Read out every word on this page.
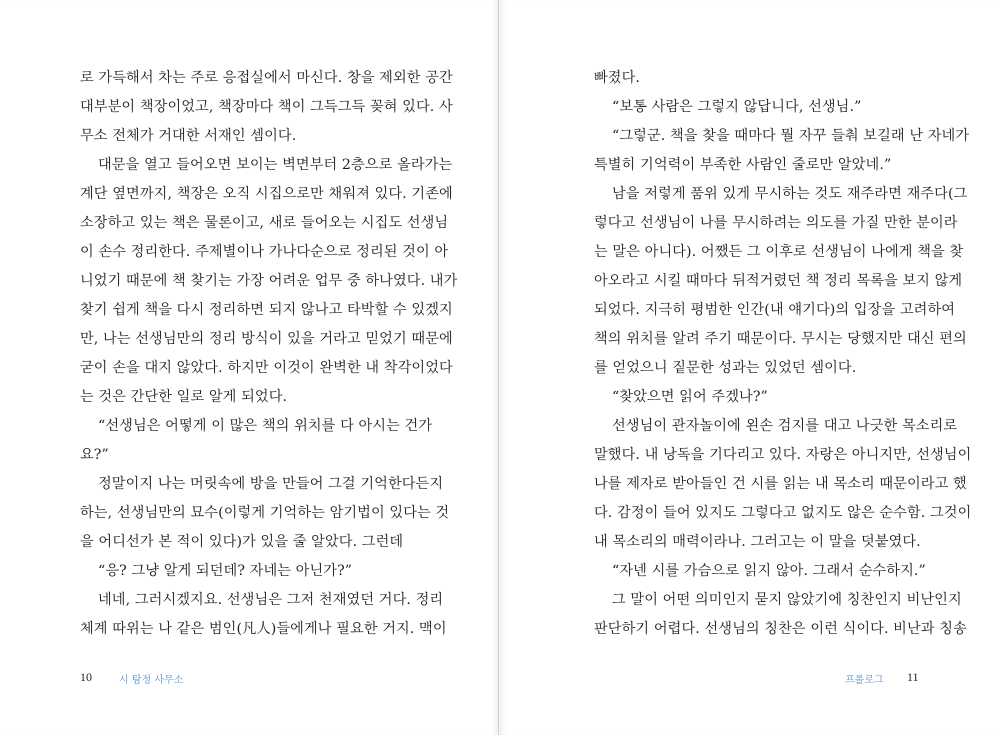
로 가득해서 차는 주로 응접실에서 마신다. 창을 제외한 공간
대부분이 책장이었고, 책장마다 책이 그득그득 꽂혀 있다. 사
무소 전체가 거대한 서재인 셈이다.
대문을 열고 들어오면 보이는 벽면부터 2층으로 올라가는
계단 옆면까지, 책장은 오직 시집으로만 채워져 있다. 기존에
소장하고 있는 책은 물론이고, 새로 들어오는 시집도 선생님
이 손수 정리한다. 주제별이나 가나다순으로 정리된 것이 아
니었기 때문에 책 찾기는 가장 어려운 업무 중 하나였다. 내가
찾기 쉽게 책을 다시 정리하면 되지 않나고 타박할 수 있겠지
만, 나는 선생님만의 정리 방식이 있을 거라고 믿었기 때문에
굳이 손을 대지 않았다. 하지만 이것이 완벽한 내 착각이었다
는 것은 간단한 일로 알게 되었다.
“선생님은 어떻게 이 많은 책의 위치를 다 아시는 건가
요?”
정말이지 나는 머릿속에 방을 만들어 그걸 기억한다든지
하는, 선생님만의 묘수(이렇게 기억하는 암기법이 있다는 것
을 어디선가 본 적이 있다)가 있을 줄 알았다. 그런데
“응? 그냥 알게 되던데? 자네는 아닌가?”
네네, 그러시겠지요. 선생님은 그저 천재였던 거다. 정리
체계 따위는 나 같은 범인(凡人)들에게나 필요한 거지. 맥이
10	시 탐정 사무소
빠졌다.
“보통 사람은 그렇지 않답니다, 선생님.”
“그렇군. 책을 찾을 때마다 뭘 자꾸 들춰 보길래 난 자네가
특별히 기억력이 부족한 사람인 줄로만 알았네.”
남을 저렇게 품위 있게 무시하는 것도 재주라면 재주다(그
렇다고 선생님이 나를 무시하려는 의도를 가질 만한 분이라
는 말은 아니다). 어쨌든 그 이후로 선생님이 나에게 책을 찾
아오라고 시킬 때마다 뒤적거렸던 책 정리 목록을 보지 않게
되었다. 지극히 평범한 인간(내 얘기다)의 입장을 고려하여
책의 위치를 알려 주기 때문이다. 무시는 당했지만 대신 편의
를 얻었으니 짙문한 성과는 있었던 셈이다.
“찾았으면 읽어 주겠나?”
선생님이 관자놀이에 왼손 검지를 대고 나긋한 목소리로
말했다. 내 낭독을 기다리고 있다. 자랑은 아니지만, 선생님이
나를 제자로 받아들인 건 시를 읽는 내 목소리 때문이라고 했
다. 감정이 들어 있지도 그렇다고 없지도 않은 순수함. 그것이
내 목소리의 매력이라나. 그러고는 이 말을 덧붙였다.
“자넨 시를 가슴으로 읽지 않아. 그래서 순수하지.”
그 말이 어떤 의미인지 묻지 않았기에 칭찬인지 비난인지
판단하기 어렵다. 선생님의 칭찬은 이런 식이다. 비난과 칭송
프롤로그 11
